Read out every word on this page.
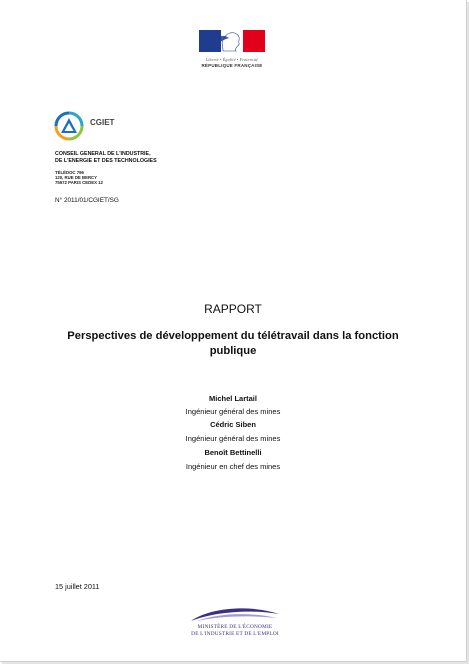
Liberté • Égalité • Fraternité
RÉPUBLIQUE FRANÇAISE
CGIET
CONSEIL GENERAL DE L'INDUSTRIE,
DE L'ENERGIE ET DES TECHNOLOGIES
TÉLÉDOC 796
120, RUE DE BERCY
75572 PARIS CEDEX 12
N° 2011/01/CGIET/SG
RAPPORT
Perspectives de développement du télétravail dans la fonction publique
Michel Lartail
Ingénieur général des mines
Cédric Siben
Ingénieur général des mines
Benoît Bettinelli
Ingénieur en chef des mines
15 juillet 2011
MINISTÈRE DE L'ÉCONOMIE
DE L'INDUSTRIE ET DE L'EMPLOI
